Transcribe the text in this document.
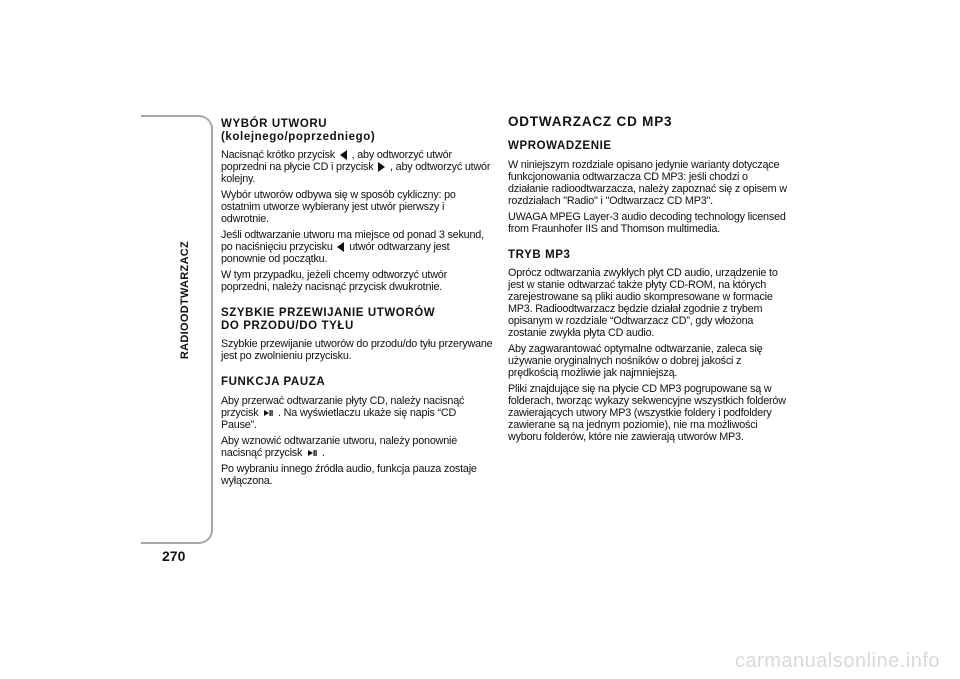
RADIOODTWARZACZ
270
WYBÓR UTWORU
(kolejnego/poprzedniego)

Nacisnąć krótko przycisk , aby odtworzyć utwór poprzedni na płycie CD i przycisk , aby odtworzyć utwór kolejny.

Wybór utworów odbywa się w sposób cykliczny: po ostatnim utworze wybierany jest utwór pierwszy i odwrotnie.

Jeśli odtwarzanie utworu ma miejsce od ponad 3 sekund, po naciśnięciu przycisku utwór odtwarzany jest ponownie od początku.

W tym przypadku, jeżeli chcemy odtworzyć utwór poprzedni, należy nacisnąć przycisk dwukrotnie.

SZYBKIE PRZEWIJANIE UTWORÓW
DO PRZODU/DO TYŁU

Szybkie przewijanie utworów do przodu/do tyłu przerywane jest po zwolnieniu przycisku.

FUNKCJA PAUZA

Aby przerwać odtwarzanie płyty CD, należy nacisnąć przycisk . Na wyświetlaczu ukaże się napis “CD Pause”.

Aby wznowić odtwarzanie utworu, należy ponownie nacisnąć przycisk .

Po wybraniu innego źródła audio, funkcja pauza zostaje wyłączona.

ODTWARZACZ CD MP3
WPROWADZENIE

W niniejszym rozdziale opisano jedynie warianty dotyczące funkcjonowania odtwarzacza CD MP3: jeśli chodzi o działanie radioodtwarzacza, należy zapoznać się z opisem w rozdziałach "Radio" i "Odtwarzacz CD MP3".

UWAGA MPEG Layer-3 audio decoding technology licensed from Fraunhofer IIS and Thomson multimedia.

TRYB MP3

Oprócz odtwarzania zwykłych płyt CD audio, urządzenie to jest w stanie odtwarzać także płyty CD-ROM, na których zarejestrowane są pliki audio skompresowane w formacie MP3. Radioodtwarzacz będzie działał zgodnie z trybem opisanym w rozdziale “Odtwarzacz CD”, gdy włożona zostanie zwykła płyta CD audio.

Aby zagwarantować optymalne odtwarzanie, zaleca się używanie oryginalnych nośników o dobrej jakości z prędkością możliwie jak najmniejszą.

Pliki znajdujące się na płycie CD MP3 pogrupowane są w folderach, tworząc wykazy sekwencyjne wszystkich folderów zawierających utwory MP3 (wszystkie foldery i podfoldery zawierane są na jednym poziomie), nie ma możliwości wyboru folderów, które nie zawierają utworów MP3.

carmanualsonline.info
